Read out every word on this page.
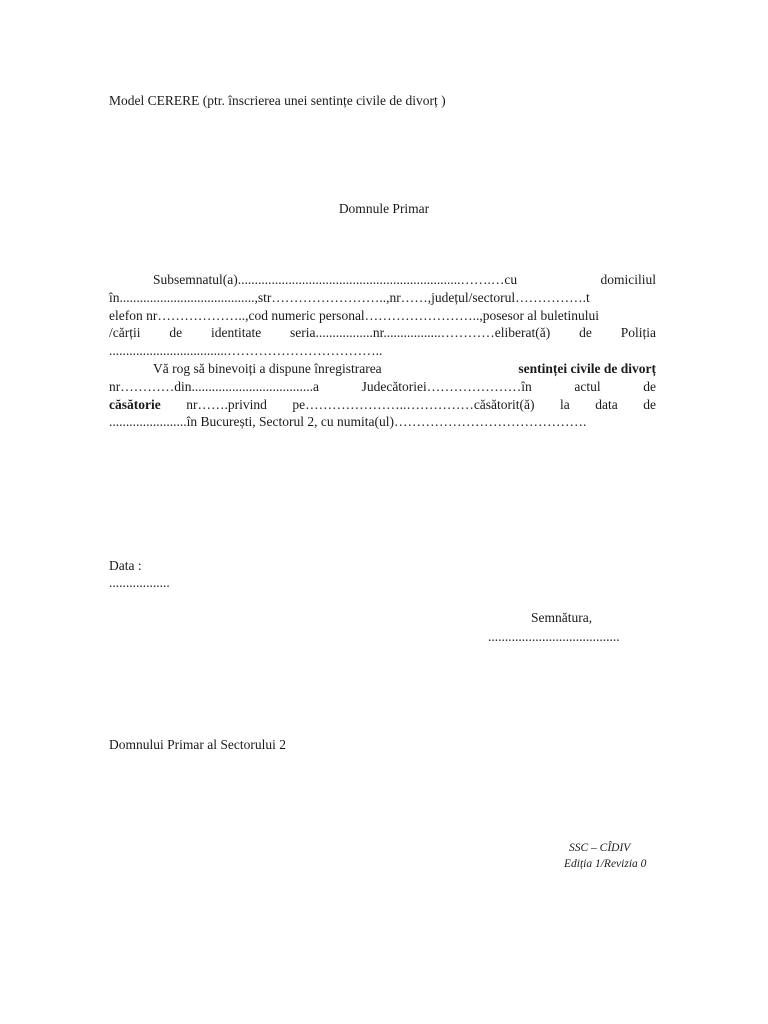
Model CERERE (ptr. înscrierea unei sentințe civile de divorț )
Domnule Primar
Subsemnatul(a)..................................................................…….…cu	domiciliul
în........................................,str……………………..,nr……,județul/sectorul…………….t
elefon nr………………..,cod numeric personal……………………..,posesor al buletinului
/cărții de identitate seria.................nr.................…………eliberat(ă) de Poliția
...................................……………………………..
Vă rog să binevoiți a dispune înregistrarea	sentinței civile de divorț
nr…………din....................................a	Judecătoriei…………………în	actul	de
căsătorie nr…….privind pe…………………..……………căsătorit(ă) la data de
.......................în București, Sectorul 2, cu numita(ul)…………………………………….
Data :
..................
Semnătura,
.......................................
Domnului Primar al Sectorului 2
SSC – CÎDIV
Ediția 1/Revizia 0
